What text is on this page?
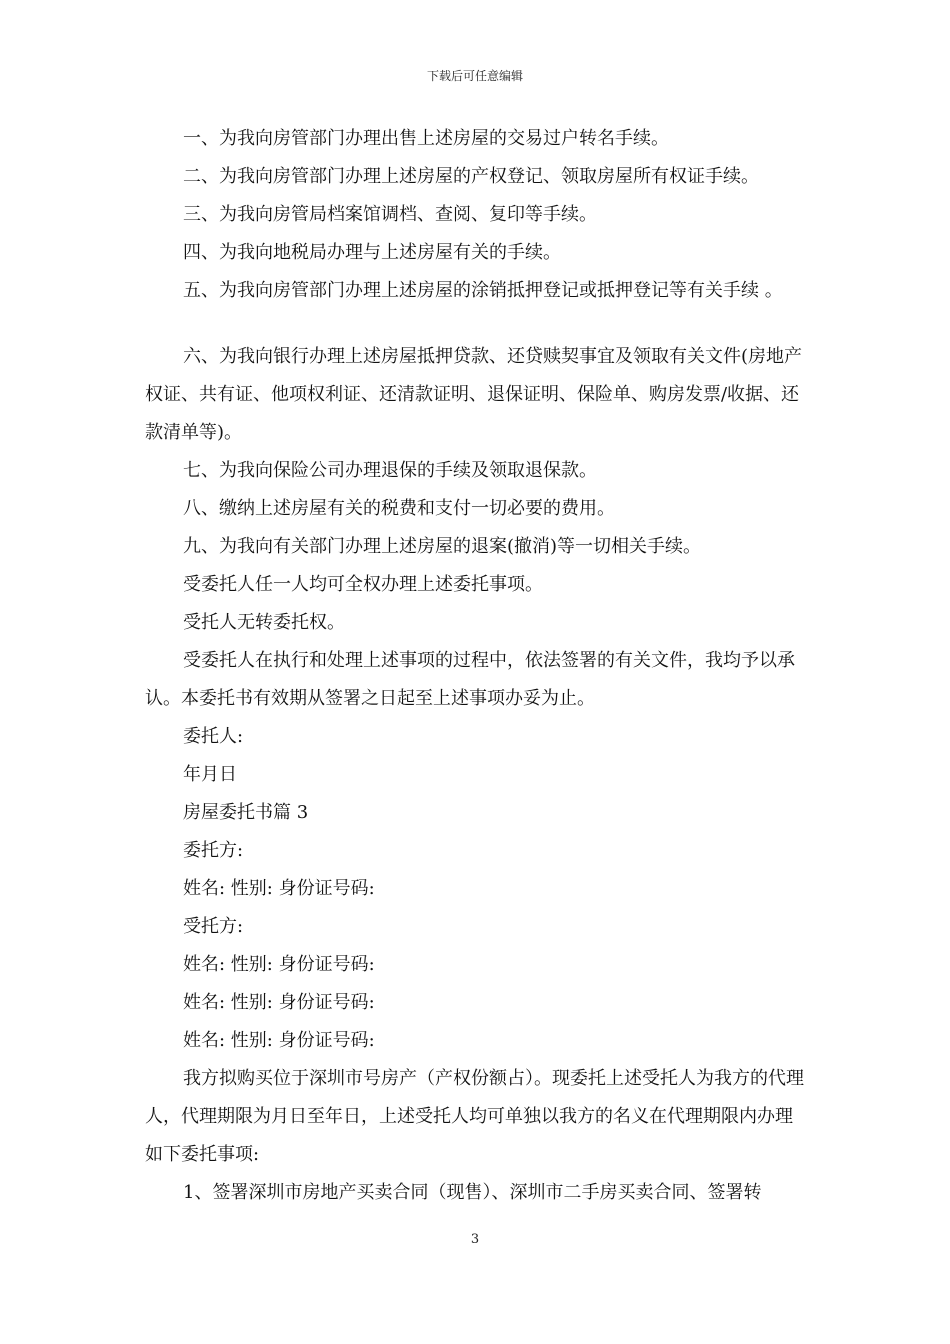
下载后可任意编辑

一、为我向房管部门办理出售上述房屋的交易过户转名手续。

二、为我向房管部门办理上述房屋的产权登记、领取房屋所有权证手续。

三、为我向房管局档案馆调档、查阅、复印等手续。

四、为我向地税局办理与上述房屋有关的手续。

五、为我向房管部门办理上述房屋的涂销抵押登记或抵押登记等有关手续 。

六、为我向银行办理上述房屋抵押贷款、还贷赎契事宜及领取有关文件(房地产权证、共有证、他项权利证、还清款证明、退保证明、保险单、购房发票/收据、还款清单等)。

七、为我向保险公司办理退保的手续及领取退保款。

八、缴纳上述房屋有关的税费和支付一切必要的费用。

九、为我向有关部门办理上述房屋的退案(撤消)等一切相关手续。

受委托人任一人均可全权办理上述委托事项。

受托人无转委托权。

受委托人在执行和处理上述事项的过程中，依法签署的有关文件，我均予以承认。本委托书有效期从签署之日起至上述事项办妥为止。

委托人:

年月日

房屋委托书篇 3

委托方:

姓名: 性别: 身份证号码:

受托方:

姓名: 性别: 身份证号码:

姓名: 性别: 身份证号码:

姓名: 性别: 身份证号码:

我方拟购买位于深圳市号房产（产权份额占）。现委托上述受托人为我方的代理人，代理期限为月日至年日，上述受托人均可单独以我方的名义在代理期限内办理如下委托事项:

1、签署深圳市房地产买卖合同（现售）、深圳市二手房买卖合同、签署转

3
